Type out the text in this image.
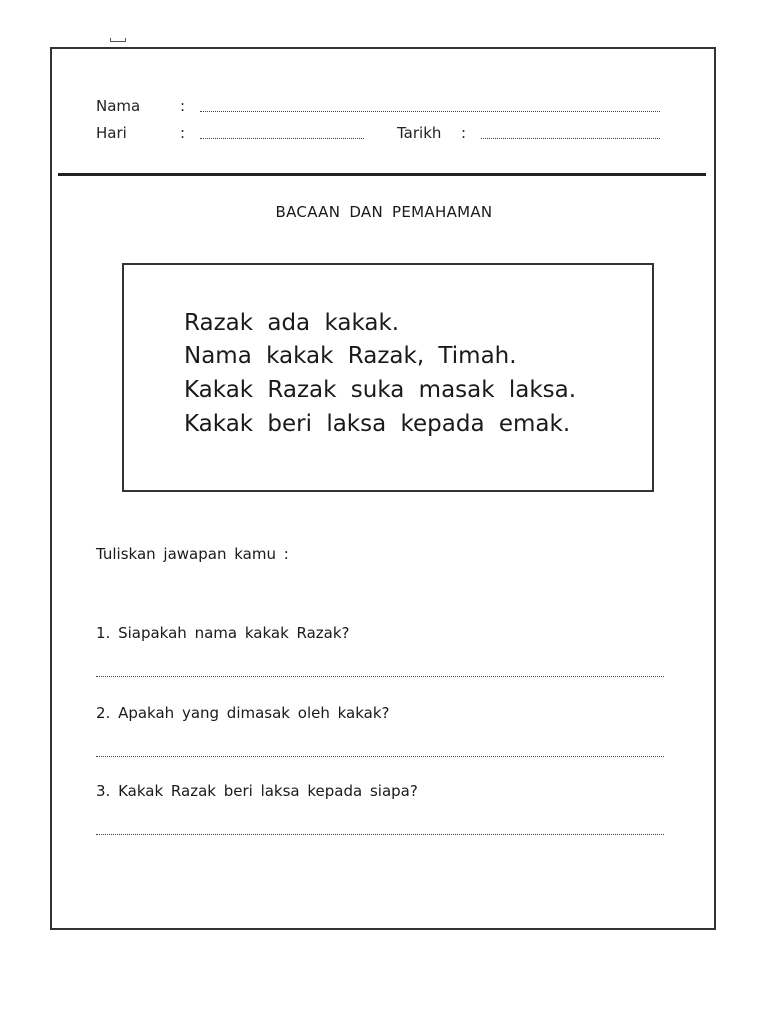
Nama	:
Hari	:	Tarikh :
BACAAN DAN PEMAHAMAN
Razak ada kakak.
Nama kakak Razak, Timah.
Kakak Razak suka masak laksa.
Kakak beri laksa kepada emak.
Tuliskan jawapan kamu :
1. Siapakah nama kakak Razak?
2. Apakah yang dimasak oleh kakak?
3. Kakak Razak beri laksa kepada siapa?
